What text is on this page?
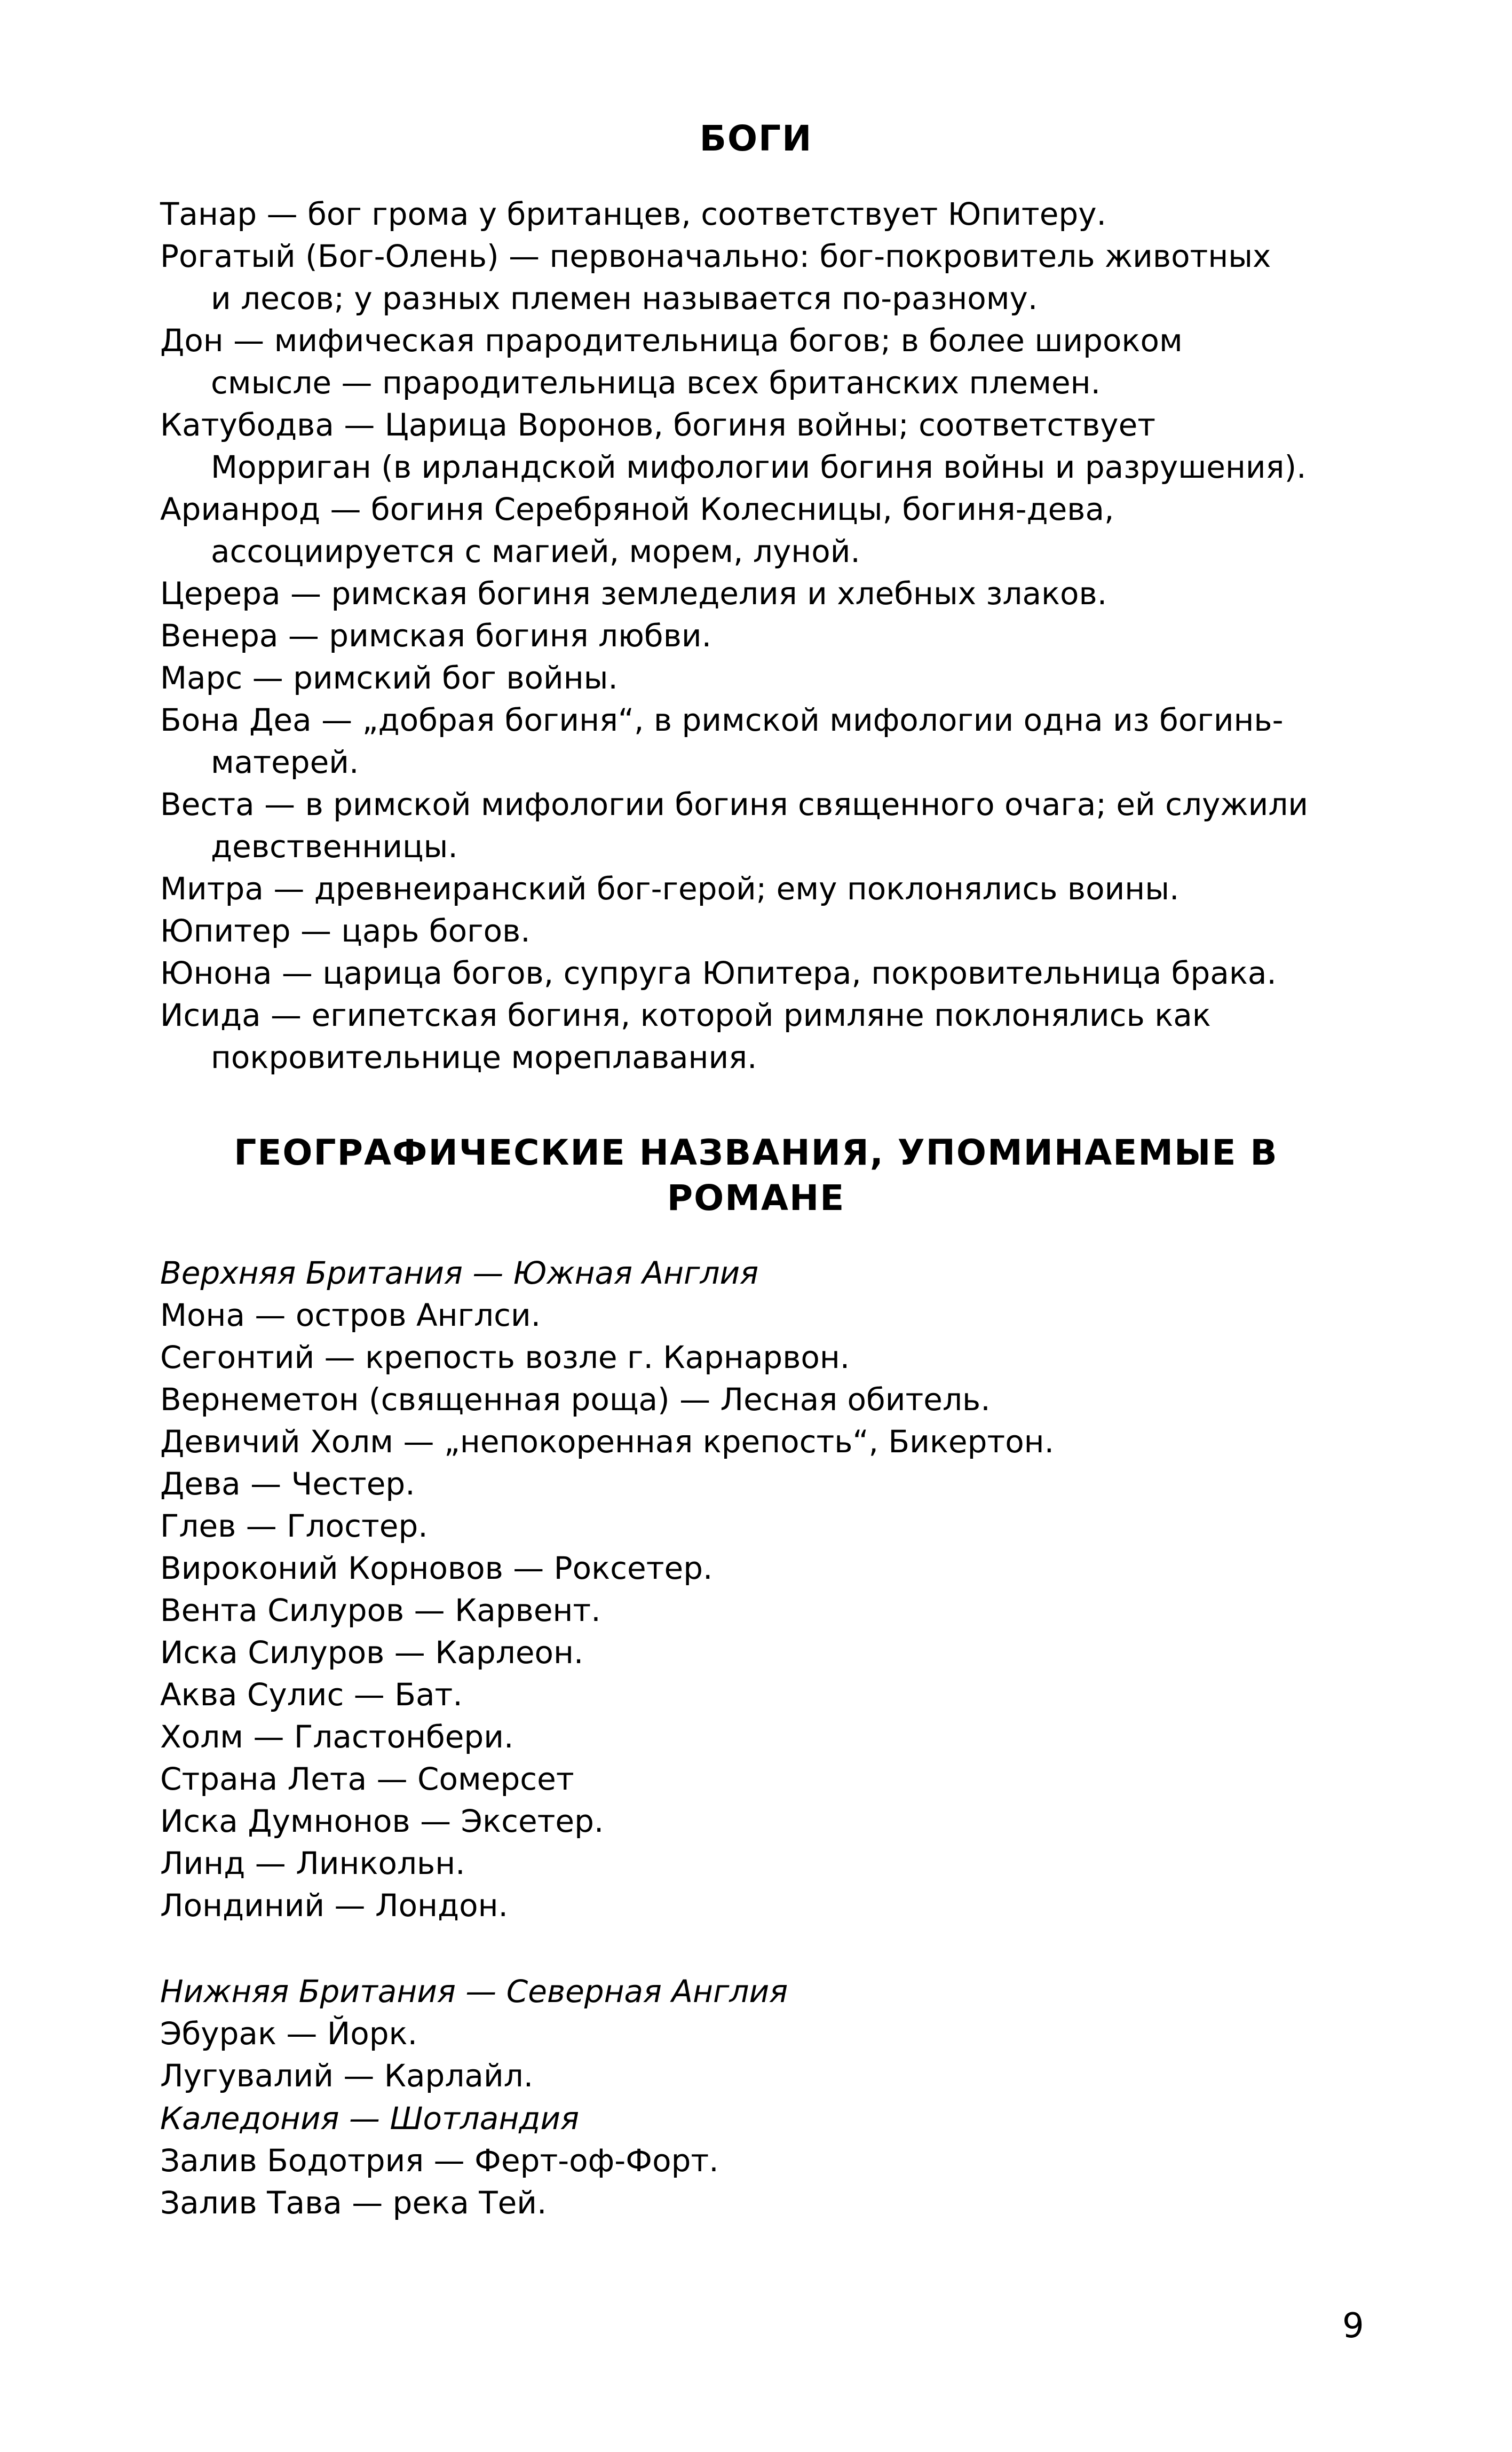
БОГИ
Танар — бог грома у британцев, соответствует Юпитеру.
Рогатый (Бог-Олень) — первоначально: бог-покровитель животных
и лесов; у разных племен называется по-разному.
Дон — мифическая прародительница богов; в более широком
смысле — прародительница всех британских племен.
Катубодва — Царица Воронов, богиня войны; соответствует
Морриган (в ирландской мифологии богиня войны и разрушения).
Арианрод — богиня Серебряной Колесницы, богиня-дева,
ассоциируется с магией, морем, луной.
Церера — римская богиня земледелия и хлебных злаков.
Венера — римская богиня любви.
Марс — римский бог войны.
Бона Деа — „добрая богиня“, в римской мифологии одна из богинь-
матерей.
Веста — в римской мифологии богиня священного очага; ей служили
девственницы.
Митра — древнеиранский бог-герой; ему поклонялись воины.
Юпитер — царь богов.
Юнона — царица богов, супруга Юпитера, покровительница брака.
Исида — египетская богиня, которой римляне поклонялись как
покровительнице мореплавания.
ГЕОГРАФИЧЕСКИЕ НАЗВАНИЯ, УПОМИНАЕМЫЕ В
РОМАНЕ
Верхняя Британия — Южная Англия
Мона — остров Англси.
Сегонтий — крепость возле г. Карнарвон.
Вернеметон (священная роща) — Лесная обитель.
Девичий Холм — „непокоренная крепость“, Бикертон.
Дева — Честер.
Глев — Глостер.
Вироконий Корновов — Роксетер.
Вента Силуров — Карвент.
Иска Силуров — Карлеон.
Аква Сулис — Бат.
Холм — Гластонбери.
Страна Лета — Сомерсет
Иска Думнонов — Эксетер.
Линд — Линкольн.
Лондиний — Лондон.
Нижняя Британия — Северная Англия
Эбурак — Йорк.
Лугувалий — Карлайл.
Каледония — Шотландия
Залив Бодотрия — Ферт-оф-Форт.
Залив Тава — река Тей.
9
